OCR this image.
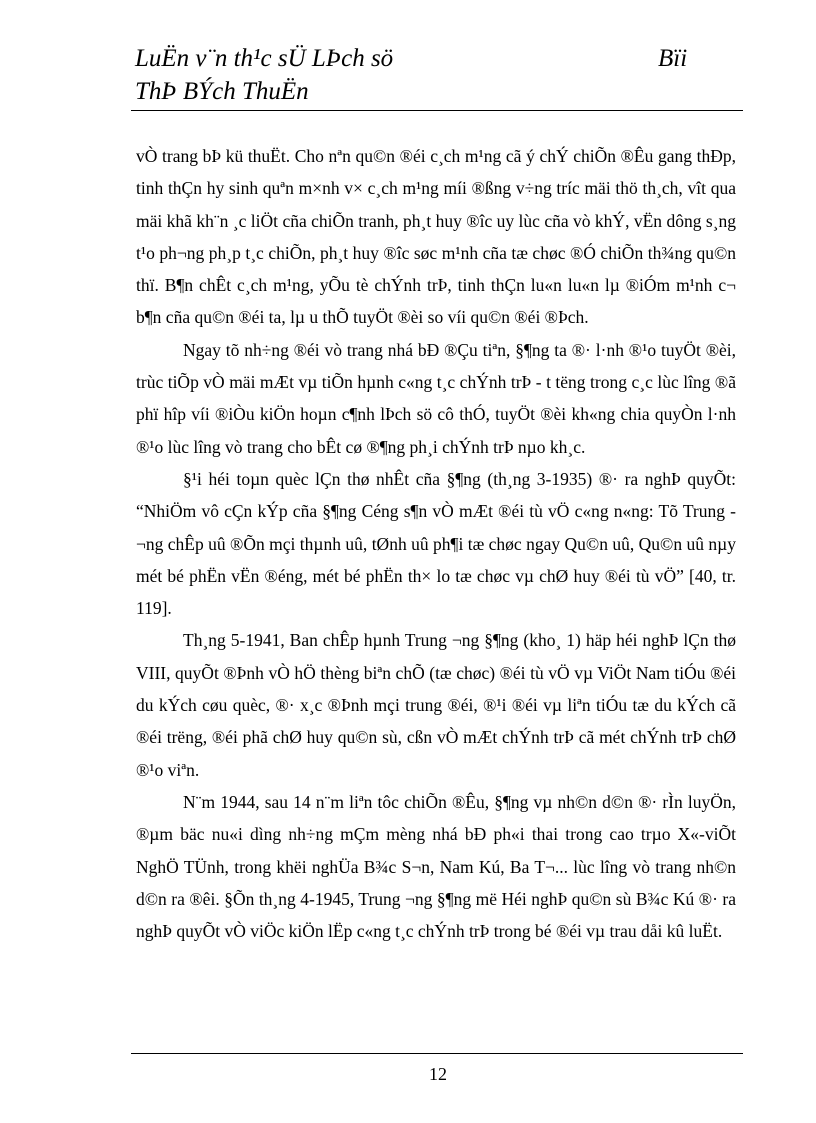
LuËn v¨n th¹c sÜ LÞch sö
ThÞ BÝch ThuËn
Bïi

vÒ trang bÞ kü thuËt. Cho nªn qu©n ®éi c¸ch m¹ng cã ý chÝ chiÕn ®Êu gang thÐp, tinh thÇn hy sinh quªn m×nh v× c¸ch m¹ng míi ®ßng v÷ng tríc mäi thö th¸ch, vît qua mäi khã kh¨n ¸c liÖt cña chiÕn tranh, ph¸t huy ®îc uy lùc cña vò khÝ, vËn dông s¸ng t¹o ph¬ng ph¸p t¸c chiÕn, ph¸t huy ®îc søc m¹nh cña tæ chøc ®Ó chiÕn th¾ng qu©n thï. B¶n chÊt c¸ch m¹ng, yÕu tè chÝnh trÞ, tinh thÇn lu«n lu«n lµ ®iÓm m¹nh c¬ b¶n cña qu©n ®éi ta, lµ u thÕ tuyÖt ®èi so víi qu©n ®éi ®Þch.

Ngay tõ nh÷ng ®éi vò trang nhá bÐ ®Çu tiªn, §¶ng ta ®· l·nh ®¹o tuyÖt ®èi, trùc tiÕp vÒ mäi mÆt vµ tiÕn hµnh c«ng t¸c chÝnh trÞ - t tëng trong c¸c lùc lîng ®ã phï hîp víi ®iÒu kiÖn hoµn c¶nh lÞch sö cô thÓ, tuyÖt ®èi kh«ng chia quyÒn l·nh ®¹o lùc lîng vò trang cho bÊt cø ®¶ng ph¸i chÝnh trÞ nµo kh¸c.

§¹i héi toµn quèc lÇn thø nhÊt cña §¶ng (th¸ng 3-1935) ®· ra nghÞ quyÕt: “NhiÖm vô cÇn kÝp cña §¶ng Céng s¶n vÒ mÆt ®éi tù vÖ c«ng n«ng: Tõ Trung ¬ng chÊp uû ®Õn mçi thµnh uû, tØnh uû ph¶i tæ chøc ngay Qu©n uû, Qu©n uû nµy mét bé phËn vËn ®éng, mét bé phËn th× lo tæ chøc vµ chØ huy ®éi tù vÖ” [40, tr. 119].

Th¸ng 5-1941, Ban chÊp hµnh Trung ¬ng §¶ng (kho¸ 1) häp héi nghÞ lÇn thø VIII, quyÕt ®Þnh vÒ hÖ thèng biªn chÕ (tæ chøc) ®éi tù vÖ vµ ViÖt Nam tiÓu ®éi du kÝch cøu quèc, ®· x¸c ®Þnh mçi trung ®éi, ®¹i ®éi vµ liªn tiÓu tæ du kÝch cã ®éi trëng, ®éi phã chØ huy qu©n sù, cßn vÒ mÆt chÝnh trÞ cã mét chÝnh trÞ chØ ®¹o viªn.

N¨m 1944, sau 14 n¨m liªn tôc chiÕn ®Êu, §¶ng vµ nh©n d©n ®· rÌn luyÖn, ®µm bäc nu«i dìng nh÷ng mÇm mèng nhá bÐ ph«i thai trong cao trµo X«-viÕt NghÖ TÜnh, trong khëi nghÜa B¾c S¬n, Nam Kú, Ba T¬... lùc lîng vò trang nh©n d©n ra ®êi. §Õn th¸ng 4-1945, Trung ¬ng §¶ng më Héi nghÞ qu©n sù B¾c Kú ®· ra nghÞ quyÕt vÒ viÖc kiÖn lËp c«ng t¸c chÝnh trÞ trong bé ®éi vµ trau dåi kû luËt.

12
